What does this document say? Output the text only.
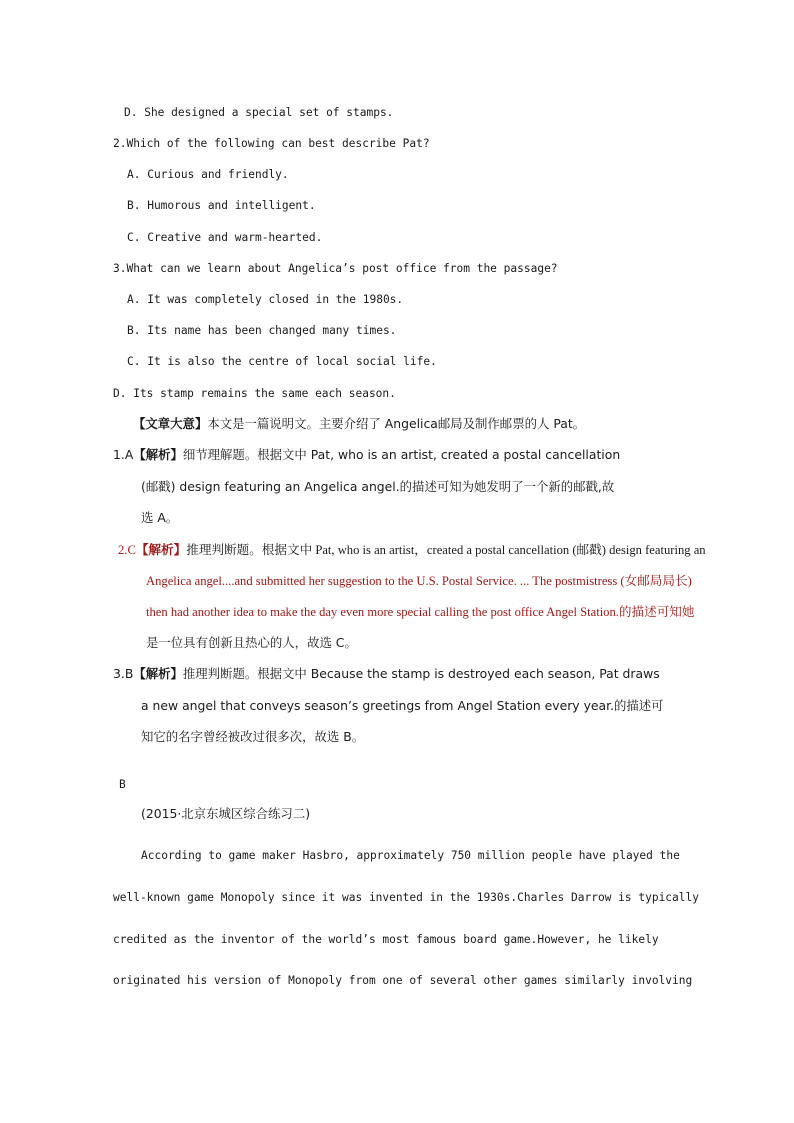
D. She designed a special set of stamps.
2.Which of the following can best describe Pat?
A. Curious and friendly.
B. Humorous and intelligent.
C. Creative and warm-hearted.
3.What can we learn about Angelica’s post office from the passage?
A. It was completely closed in the 1980s.
B. Its name has been changed many times.
C. It is also the centre of local social life.
D. Its stamp remains the same each season.
【文章大意】本文是一篇说明文。主要介绍了 Angelica邮局及制作邮票的人 Pat。
1.A【解析】细节理解题。根据文中 Pat, who is an artist, created a postal cancellation
(邮戳) design featuring an Angelica angel.的描述可知为她发明了一个新的邮戳,故
选 A。
2.C【解析】推理判断题。根据文中 Pat, who is an artist，created a postal cancellation (邮戳) design featuring an
Angelica angel....and submitted her suggestion to the U.S. Postal Service. ... The postmistress (女邮局局长)
then had another idea to make the day even more special calling the post office Angel Station.的描述可知她
是一位具有创新且热心的人，故选 C。
3.B【解析】推理判断题。根据文中 Because the stamp is destroyed each season, Pat draws
a new angel that conveys season’s greetings from Angel Station every year.的描述可
知它的名字曾经被改过很多次，故选 B。
B
(2015·北京东城区综合练习二)
According to game maker Hasbro, approximately 750 million people have played the
well-known game Monopoly since it was invented in the 1930s.Charles Darrow is typically
credited as the inventor of the world’s most famous board game.However, he likely
originated his version of Monopoly from one of several other games similarly involving
